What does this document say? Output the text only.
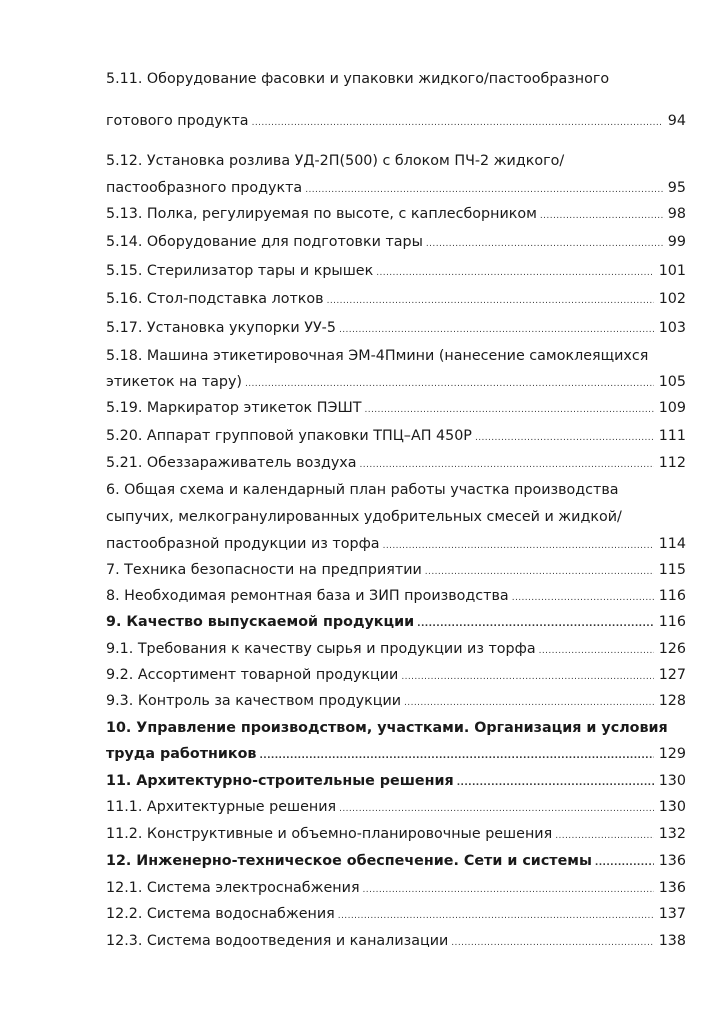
5.11. Оборудование фасовки и упаковки жидкого/пастообразного
готового продукта .....	94
5.12. Установка розлива УД-2П(500) с блоком ПЧ-2 жидкого/
пастообразного продукта .....	95
5.13. Полка, регулируемая по высоте, с каплесборником .....	98
5.14. Оборудование для подготовки тары .....	99
5.15. Стерилизатор тары и крышек .....	101
5.16. Стол-подставка лотков .....	102
5.17. Установка укупорки УУ-5 .....	103
5.18. Машина этикетировочная ЭМ-4Пмини (нанесение самоклеящихся
этикеток на тару) .....	105
5.19. Маркиратор этикеток ПЭШТ .....	109
5.20. Аппарат групповой упаковки ТПЦ–АП 450Р .....	111
5.21. Обеззараживатель воздуха .....	112
6. Общая схема и календарный план работы участка производства
сыпучих, мелкогранулированных удобрительных смесей и жидкой/
пастообразной продукции из торфа .....	114
7. Техника безопасности на предприятии .....	115
8. Необходимая ремонтная база и ЗИП производства .....	116
9. Качество выпускаемой продукции .....	116
9.1. Требования к качеству сырья и продукции из торфа .....	126
9.2. Ассортимент товарной продукции .....	127
9.3. Контроль за качеством продукции .....	128
10. Управление производством, участками. Организация и условия
труда работников .....	129
11. Архитектурно-строительные решения .....	130
11.1. Архитектурные решения .....	130
11.2. Конструктивные и объемно-планировочные решения .....	132
12. Инженерно-техническое обеспечение. Сети и системы .....	136
12.1. Система электроснабжения .....	136
12.2. Система водоснабжения .....	137
12.3. Система водоотведения и канализации .....	138
